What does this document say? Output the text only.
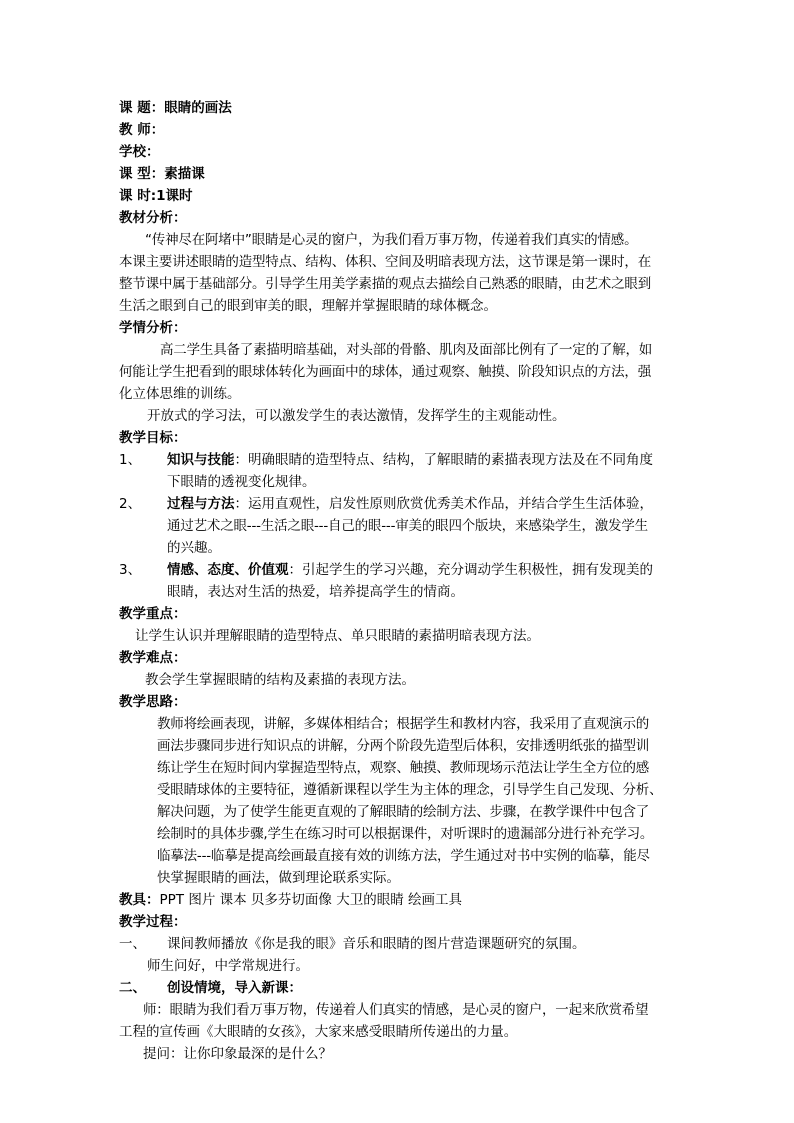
课 题：眼睛的画法
教 师：
学校：
课 型：素描课
课 时:1课时
教材分析：
“传神尽在阿堵中”眼睛是心灵的窗户，为我们看万事万物，传递着我们真实的情感。
本课主要讲述眼睛的造型特点、结构、体积、空间及明暗表现方法，这节课是第一课时，在
整节课中属于基础部分。引导学生用美学素描的观点去描绘自己熟悉的眼睛，由艺术之眼到
生活之眼到自己的眼到审美的眼，理解并掌握眼睛的球体概念。
学情分析：
高二学生具备了素描明暗基础，对头部的骨骼、肌肉及面部比例有了一定的了解，如
何能让学生把看到的眼球体转化为画面中的球体，通过观察、触摸、阶段知识点的方法，强
化立体思维的训练。
开放式的学习法，可以激发学生的表达激情，发挥学生的主观能动性。
教学目标：
1、	知识与技能：明确眼睛的造型特点、结构，了解眼睛的素描表现方法及在不同角度
下眼睛的透视变化规律。
2、	过程与方法：运用直观性，启发性原则欣赏优秀美术作品，并结合学生生活体验，
通过艺术之眼---生活之眼---自己的眼---审美的眼四个版块，来感染学生，激发学生
的兴趣。
3、	情感、态度、价值观：引起学生的学习兴趣，充分调动学生积极性，拥有发现美的
眼睛，表达对生活的热爱，培养提高学生的情商。
教学重点：
让学生认识并理解眼睛的造型特点、单只眼睛的素描明暗表现方法。
教学难点：
教会学生掌握眼睛的结构及素描的表现方法。
教学思路：
教师将绘画表现，讲解，多媒体相结合；根据学生和教材内容，我采用了直观演示的
画法步骤同步进行知识点的讲解，分两个阶段先造型后体积，安排透明纸张的描型训
练让学生在短时间内掌握造型特点，观察、触摸、教师现场示范法让学生全方位的感
受眼睛球体的主要特征，遵循新课程以学生为主体的理念，引导学生自己发现、分析、
解决问题，为了使学生能更直观的了解眼睛的绘制方法、步骤，在教学课件中包含了
绘制时的具体步骤,学生在练习时可以根据课件，对听课时的遗漏部分进行补充学习。
临摹法---临摹是提高绘画最直接有效的训练方法，学生通过对书中实例的临摹，能尽
快掌握眼睛的画法，做到理论联系实际。
教具：PPT 图片 课本 贝多芬切面像 大卫的眼睛 绘画工具
教学过程：
一、	课间教师播放《你是我的眼》音乐和眼睛的图片营造课题研究的氛围。
师生问好，中学常规进行。
二、	创设情境，导入新课：
师：眼睛为我们看万事万物，传递着人们真实的情感，是心灵的窗户，一起来欣赏希望
工程的宣传画《大眼睛的女孩》，大家来感受眼睛所传递出的力量。
提问：让你印象最深的是什么？
